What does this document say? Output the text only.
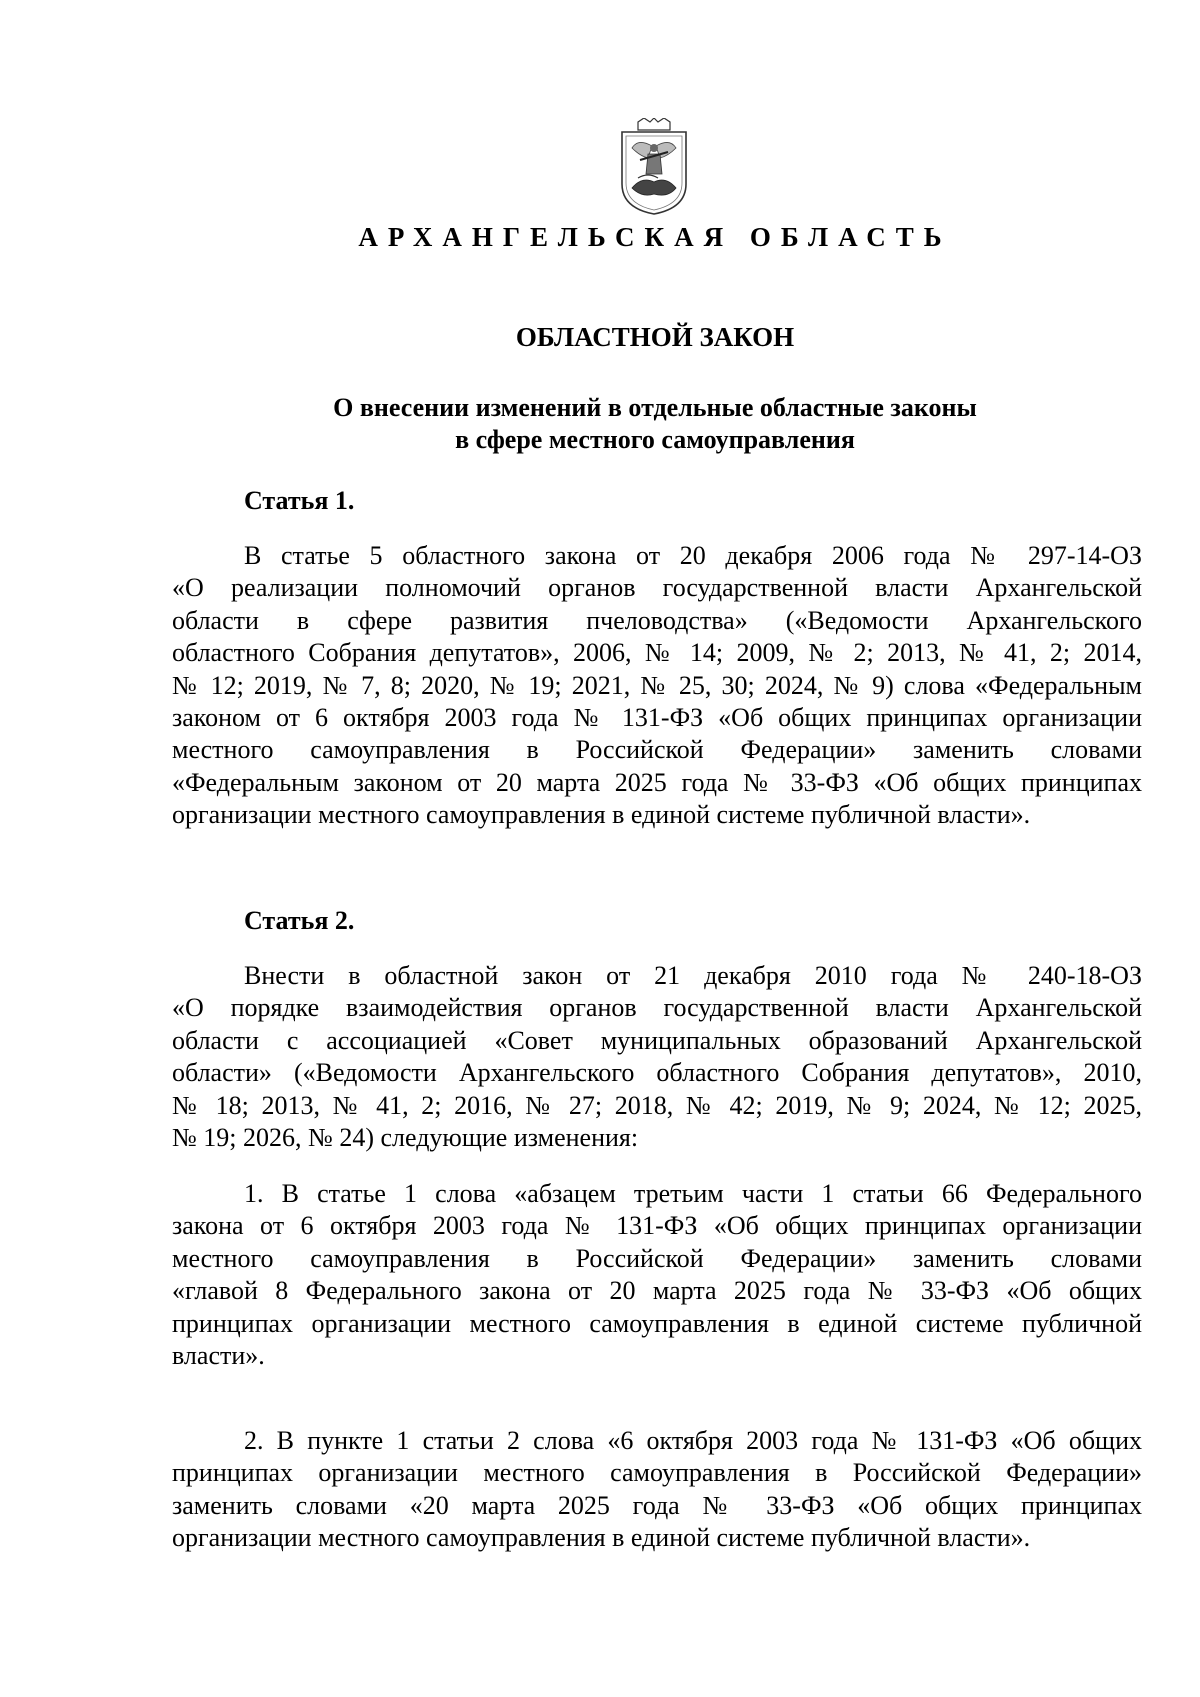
АРХАНГЕЛЬСКАЯ ОБЛАСТЬ
ОБЛАСТНОЙ ЗАКОН
О внесении изменений в отдельные областные законы
в сфере местного самоуправления
Статья 1.
В статье 5 областного закона от 20 декабря 2006 года № 297-14-ОЗ
«О реализации полномочий органов государственной власти Архангельской
области в сфере развития пчеловодства» («Ведомости Архангельского
областного Собрания депутатов», 2006, № 14; 2009, № 2; 2013, № 41, 2; 2014,
№ 12; 2019, № 7, 8; 2020, № 19; 2021, № 25, 30; 2024, № 9) слова «Федеральным
законом от 6 октября 2003 года № 131-ФЗ «Об общих принципах организации
местного самоуправления в Российской Федерации» заменить словами
«Федеральным законом от 20 марта 2025 года № 33-ФЗ «Об общих принципах
организации местного самоуправления в единой системе публичной власти».
Статья 2.
Внести в областной закон от 21 декабря 2010 года № 240-18-ОЗ
«О порядке взаимодействия органов государственной власти Архангельской
области с ассоциацией «Совет муниципальных образований Архангельской
области» («Ведомости Архангельского областного Собрания депутатов», 2010,
№ 18; 2013, № 41, 2; 2016, № 27; 2018, № 42; 2019, № 9; 2024, № 12; 2025,
№ 19; 2026, № 24) следующие изменения:
1. В статье 1 слова «абзацем третьим части 1 статьи 66 Федерального
закона от 6 октября 2003 года № 131-ФЗ «Об общих принципах организации
местного самоуправления в Российской Федерации» заменить словами
«главой 8 Федерального закона от 20 марта 2025 года № 33-ФЗ «Об общих
принципах организации местного самоуправления в единой системе публичной
власти».
2. В пункте 1 статьи 2 слова «6 октября 2003 года № 131-ФЗ «Об общих
принципах организации местного самоуправления в Российской Федерации»
заменить словами «20 марта 2025 года № 33-ФЗ «Об общих принципах
организации местного самоуправления в единой системе публичной власти».
